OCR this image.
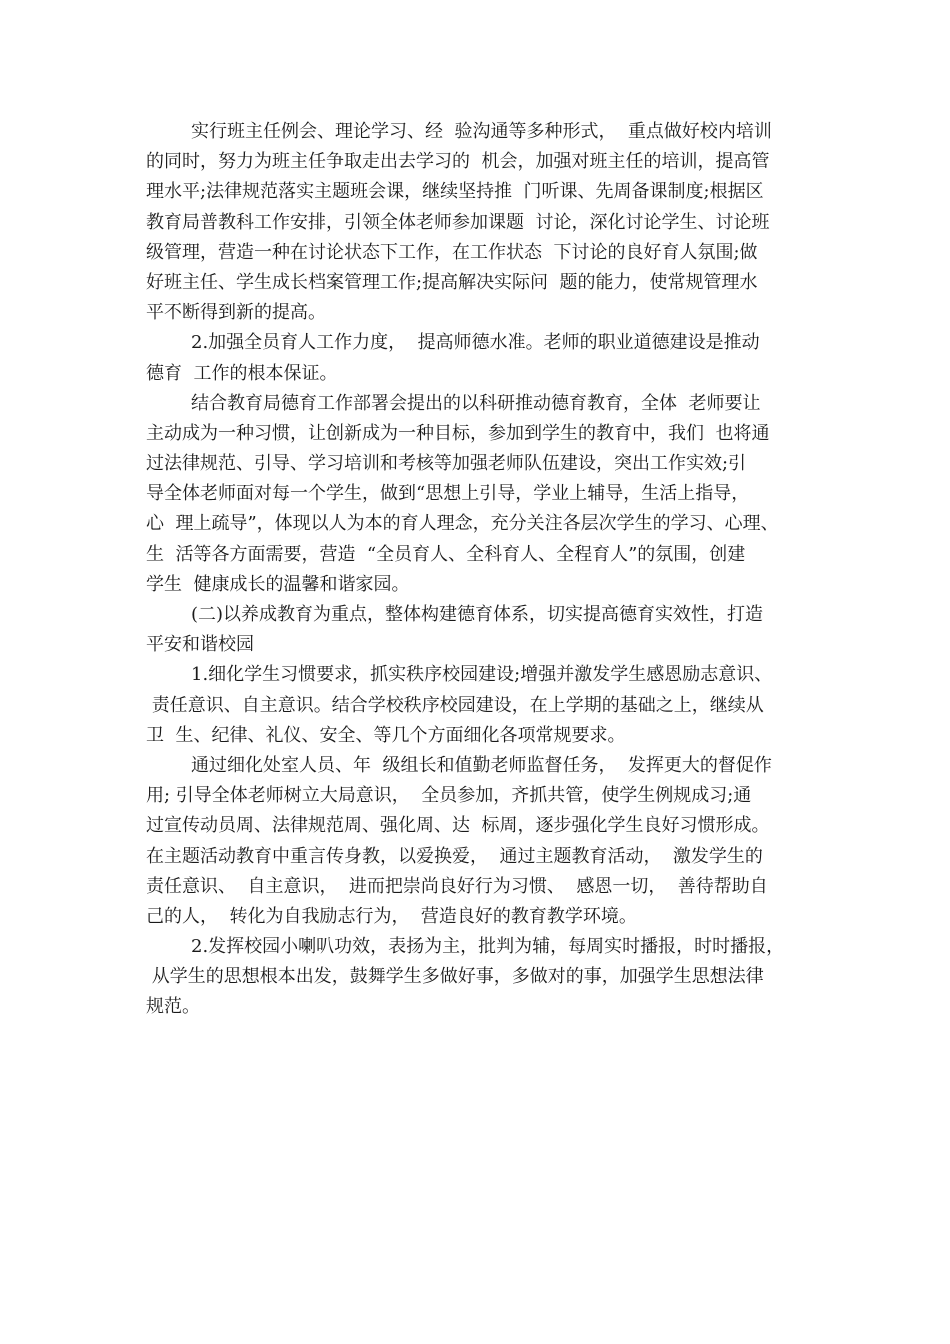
实行班主任例会、理论学习、经  验沟通等多种形式，  重点做好校内培训
的同时，努力为班主任争取走出去学习的  机会，加强对班主任的培训，提高管
理水平;法律规范落实主题班会课，继续坚持推  门听课、先周备课制度;根据区
教育局普教科工作安排，引领全体老师参加课题  讨论，深化讨论学生、讨论班
级管理，营造一种在讨论状态下工作，在工作状态  下讨论的良好育人氛围;做
好班主任、学生成长档案管理工作;提高解决实际问  题的能力，使常规管理水
平不断得到新的提高。
2.加强全员育人工作力度，  提高师德水准。老师的职业道德建设是推动
德育  工作的根本保证。
结合教育局德育工作部署会提出的以科研推动德育教育，全体  老师要让
主动成为一种习惯，让创新成为一种目标，参加到学生的教育中，我们  也将通
过法律规范、引导、学习培训和考核等加强老师队伍建设，突出工作实效;引
导全体老师面对每一个学生，做到“思想上引导，学业上辅导，生活上指导，
心  理上疏导”，体现以人为本的育人理念，充分关注各层次学生的学习、心理、
生  活等各方面需要，营造  “全员育人、全科育人、全程育人”的氛围，创建
学生  健康成长的温馨和谐家园。
(二)以养成教育为重点，整体构建德育体系，切实提高德育实效性，打造
平安和谐校园
1.细化学生习惯要求，抓实秩序校园建设;增强并激发学生感恩励志意识、
责任意识、自主意识。结合学校秩序校园建设，在上学期的基础之上，继续从
卫  生、纪律、礼仪、安全、等几个方面细化各项常规要求。
通过细化处室人员、年  级组长和值勤老师监督任务，  发挥更大的督促作
用; 引导全体老师树立大局意识，  全员参加，齐抓共管，使学生例规成习;通
过宣传动员周、法律规范周、强化周、达  标周，逐步强化学生良好习惯形成。
在主题活动教育中重言传身教，以爱换爱，  通过主题教育活动，  激发学生的
责任意识、  自主意识，  进而把崇尚良好行为习惯、  感恩一切，  善待帮助自
己的人，  转化为自我励志行为，  营造良好的教育教学环境。
2.发挥校园小喇叭功效，表扬为主，批判为辅，每周实时播报，时时播报，
从学生的思想根本出发，鼓舞学生多做好事，多做对的事，加强学生思想法律
规范。
